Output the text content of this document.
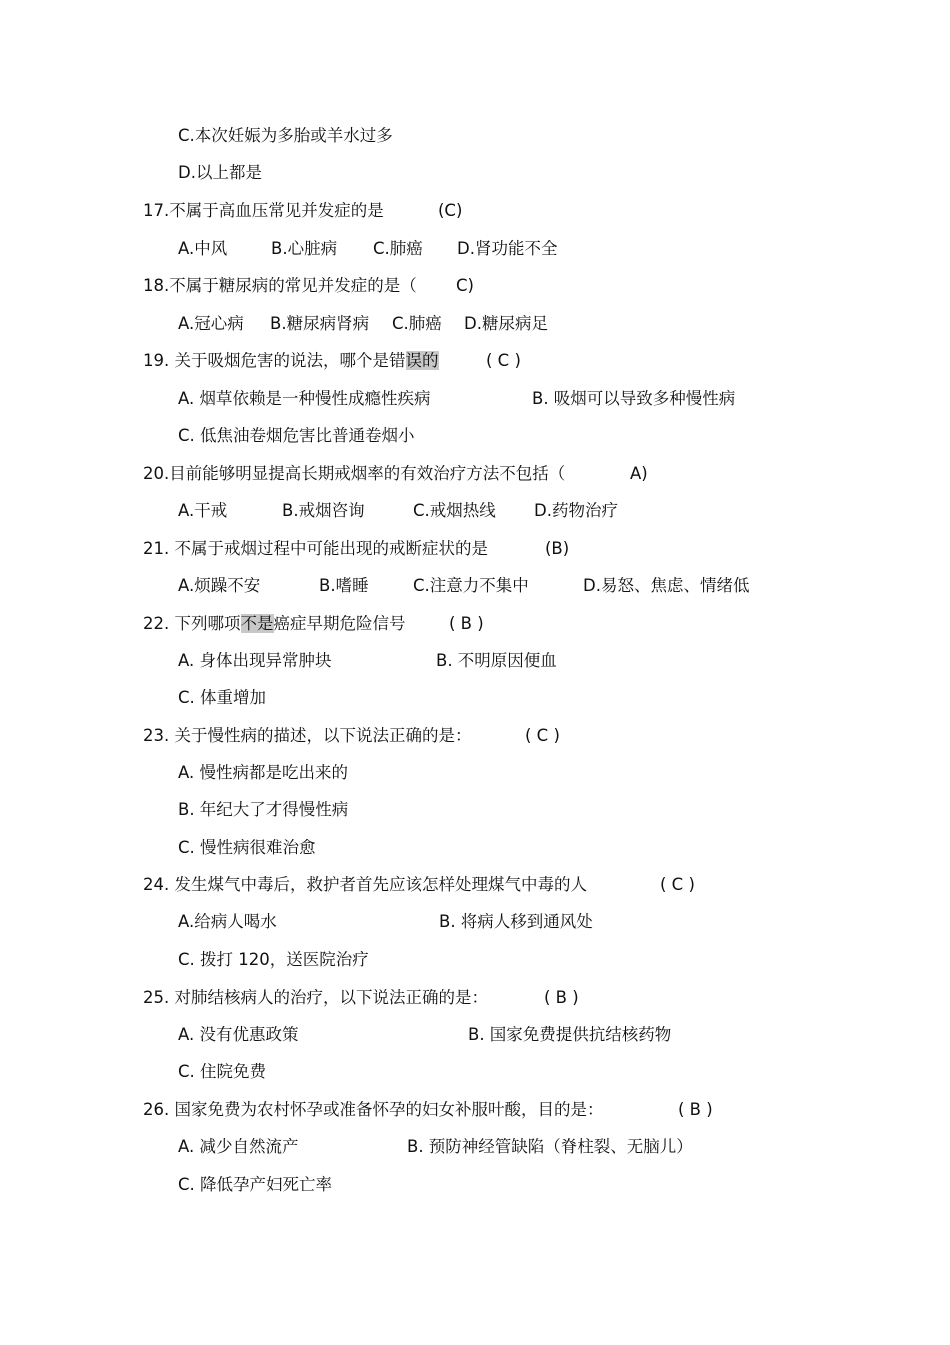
C.本次妊娠为多胎或羊水过多
D.以上都是
17.不属于高血压常见并发症的是	(C)
A.中风	B.心脏病 C.肺癌 D.肾功能不全
18.不属于糖尿病的常见并发症的是（ C)
A.冠心病 B.糖尿病肾病 C.肺癌 D.糖尿病足
19. 关于吸烟危害的说法，哪个是错误的	( C )
A. 烟草依赖是一种慢性成瘾性疾病	B. 吸烟可以导致多种慢性病
C. 低焦油卷烟危害比普通卷烟小
20.目前能够明显提高长期戒烟率的有效治疗方法不包括（	A)
A.干戒	B.戒烟咨询	C.戒烟热线 D.药物治疗
21. 不属于戒烟过程中可能出现的戒断症状的是	(B)
A.烦躁不安	B.嗜睡	C.注意力不集中	D.易怒、焦虑、情绪低
22. 下列哪项不是癌症早期危险信号	( B )
A. 身体出现异常肿块	B. 不明原因便血
C. 体重增加
23. 关于慢性病的描述，以下说法正确的是：	( C )
A. 慢性病都是吃出来的
B. 年纪大了才得慢性病
C. 慢性病很难治愈
24. 发生煤气中毒后，救护者首先应该怎样处理煤气中毒的人	( C )
A.给病人喝水	B. 将病人移到通风处
C. 拨打 120，送医院治疗
25. 对肺结核病人的治疗，以下说法正确的是：	( B )
A. 没有优惠政策	B. 国家免费提供抗结核药物
C. 住院免费
26. 国家免费为农村怀孕或准备怀孕的妇女补服叶酸，目的是：	( B )
A. 减少自然流产	B. 预防神经管缺陷（脊柱裂、无脑儿）
C. 降低孕产妇死亡率
